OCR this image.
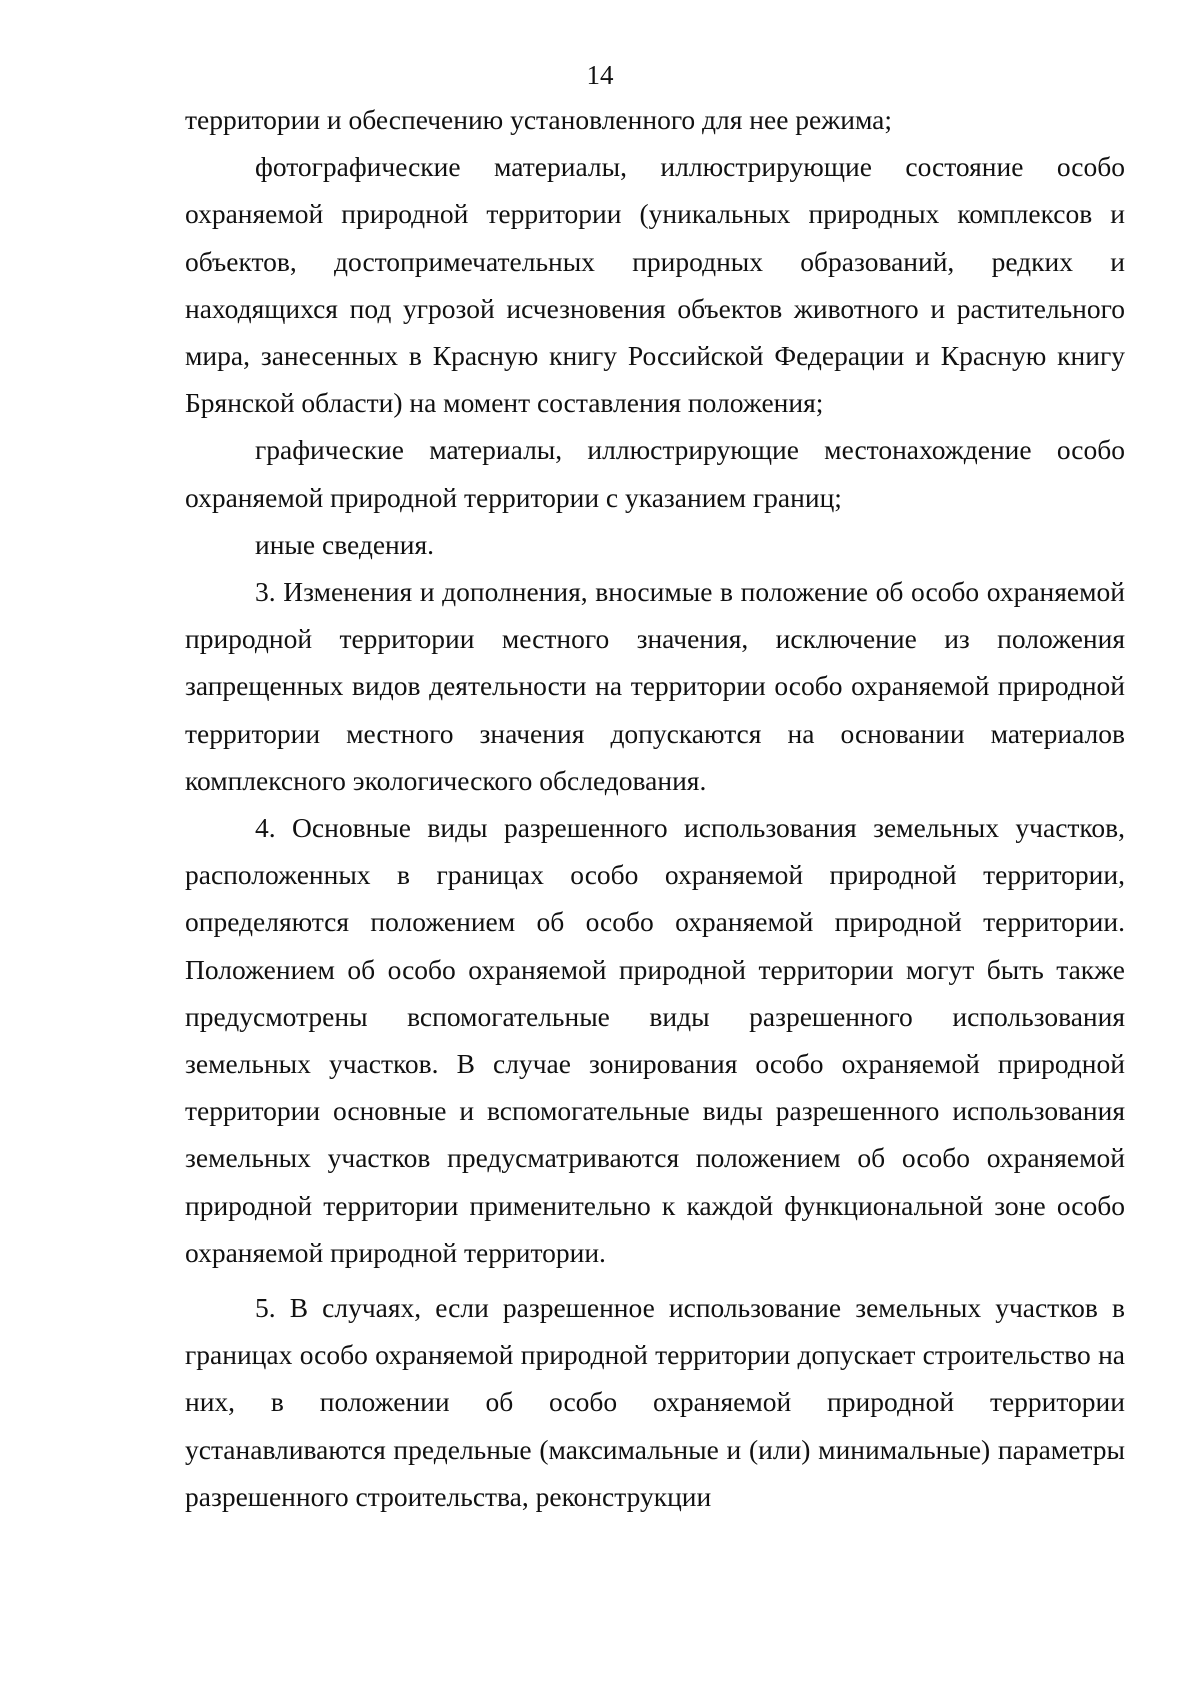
14

территории и обеспечению установленного для нее режима;

фотографические материалы, иллюстрирующие состояние особо охраняемой природной территории (уникальных природных комплексов и объектов, достопримечательных природных образований, редких и находящихся под угрозой исчезновения объектов животного и растительного мира, занесенных в Красную книгу Российской Федерации и Красную книгу Брянской области) на момент составления положения;

графические материалы, иллюстрирующие местонахождение особо охраняемой природной территории с указанием границ;

иные сведения.

3. Изменения и дополнения, вносимые в положение об особо охраняемой природной территории местного значения, исключение из положения запрещенных видов деятельности на территории особо охраняемой природной территории местного значения допускаются на основании материалов комплексного экологического обследования.

4. Основные виды разрешенного использования земельных участков, расположенных в границах особо охраняемой природной территории, определяются положением об особо охраняемой природной территории. Положением об особо охраняемой природной территории могут быть также предусмотрены вспомогательные виды разрешенного использования земельных участков. В случае зонирования особо охраняемой природной территории основные и вспомогательные виды разрешенного использования земельных участков предусматриваются положением об особо охраняемой природной территории применительно к каждой функциональной зоне особо охраняемой природной территории.

5. В случаях, если разрешенное использование земельных участков в границах особо охраняемой природной территории допускает строительство на них, в положении об особо охраняемой природной территории устанавливаются предельные (максимальные и (или) минимальные) параметры разрешенного строительства, реконструкции
